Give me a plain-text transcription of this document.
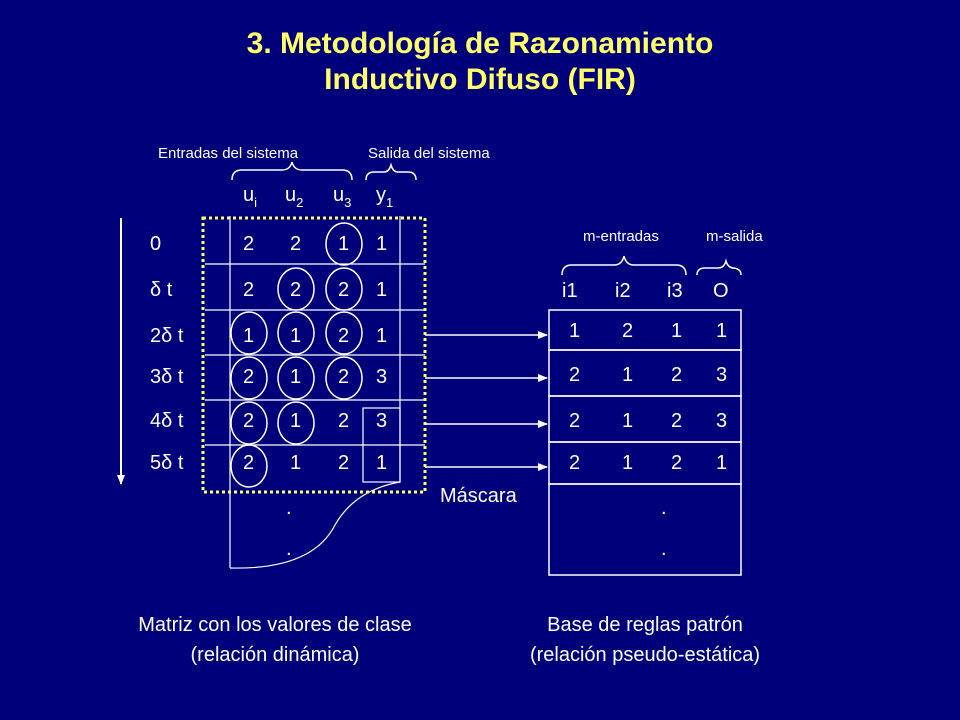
3. Metodología de Razonamiento
Inductivo Difuso (FIR)
Entradas del sistema	Salida del sistema
$u_i$ $u_2$ $u_3$ $y_1$
0
δ t
2δ t
3δ t
4δ t
5δ t
2 2 1 1
2 2 2 1
1 1 2 1
2 1 2 3
2 1 2 3
2 1 2 1
1 2 1 1
2 1 2 3
2 1 2 3
2 1 2 1
.
.
Máscara
m-entradas	m-salida
i1 i2 i3 O
.
.
Matriz con los valores de clase
(relación dinámica)
Base de reglas patrón
(relación pseudo-estática)
